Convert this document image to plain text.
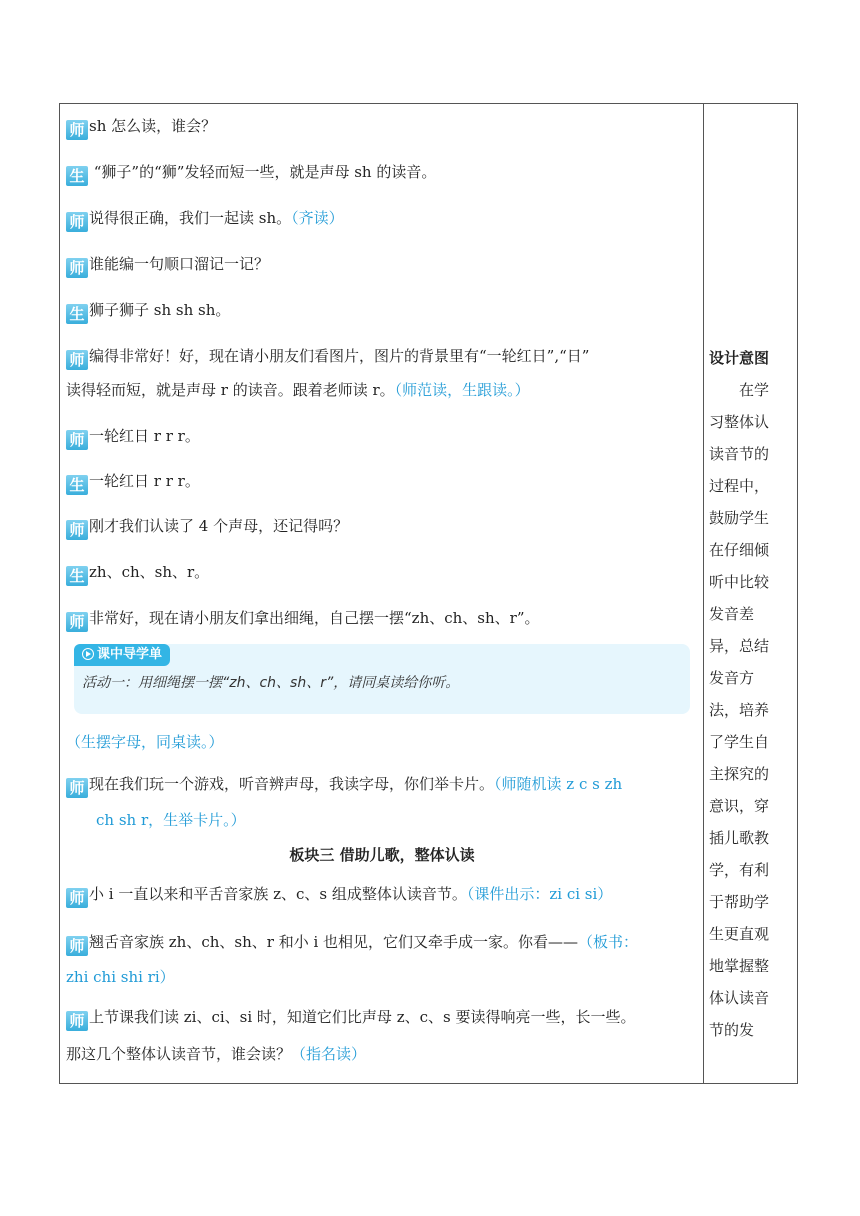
师 sh 怎么读，谁会？
生 “狮子”的“狮”发轻而短一些，就是声母 sh 的读音。
师 说得很正确，我们一起读 sh。（齐读）
师 谁能编一句顺口溜记一记？
生 狮子狮子 sh sh sh。
师 编得非常好！好，现在请小朋友们看图片，图片的背景里有“一轮红日”,“日”
读得轻而短，就是声母 r 的读音。跟着老师读 r。（师范读，生跟读。）
师 一轮红日 r r r。
生 一轮红日 r r r。
师 刚才我们认读了 4 个声母，还记得吗？
生 zh、ch、sh、r。
师 非常好，现在请小朋友们拿出细绳，自己摆一摆“zh、ch、sh、r”。
课中导学单
活动一：用细绳摆一摆“zh、ch、sh、r”，请同桌读给你听。
（生摆字母，同桌读。）
师 现在我们玩一个游戏，听音辨声母，我读字母，你们举卡片。（师随机读 z c s zh
ch sh r，生举卡片。）
板块三 借助儿歌，整体认读
师 小 i 一直以来和平舌音家族 z、c、s 组成整体认读音节。（课件出示：zi ci si）
师 翘舌音家族 zh、ch、sh、r 和小 i 也相见，它们又牵手成一家。你看——（板书：
zhi chi shi ri）
师 上节课我们读 zi、ci、si 时，知道它们比声母 z、c、s 要读得响亮一些，长一些。
那这几个整体认读音节，谁会读？（指名读）
设计意图
　　在学
习整体认
读音节的
过程中，
鼓励学生
在仔细倾
听中比较
发音差
异，总结
发音方
法，培养
了学生自
主探究的
意识，穿
插儿歌教
学，有利
于帮助学
生更直观
地掌握整
体认读音
节的发
